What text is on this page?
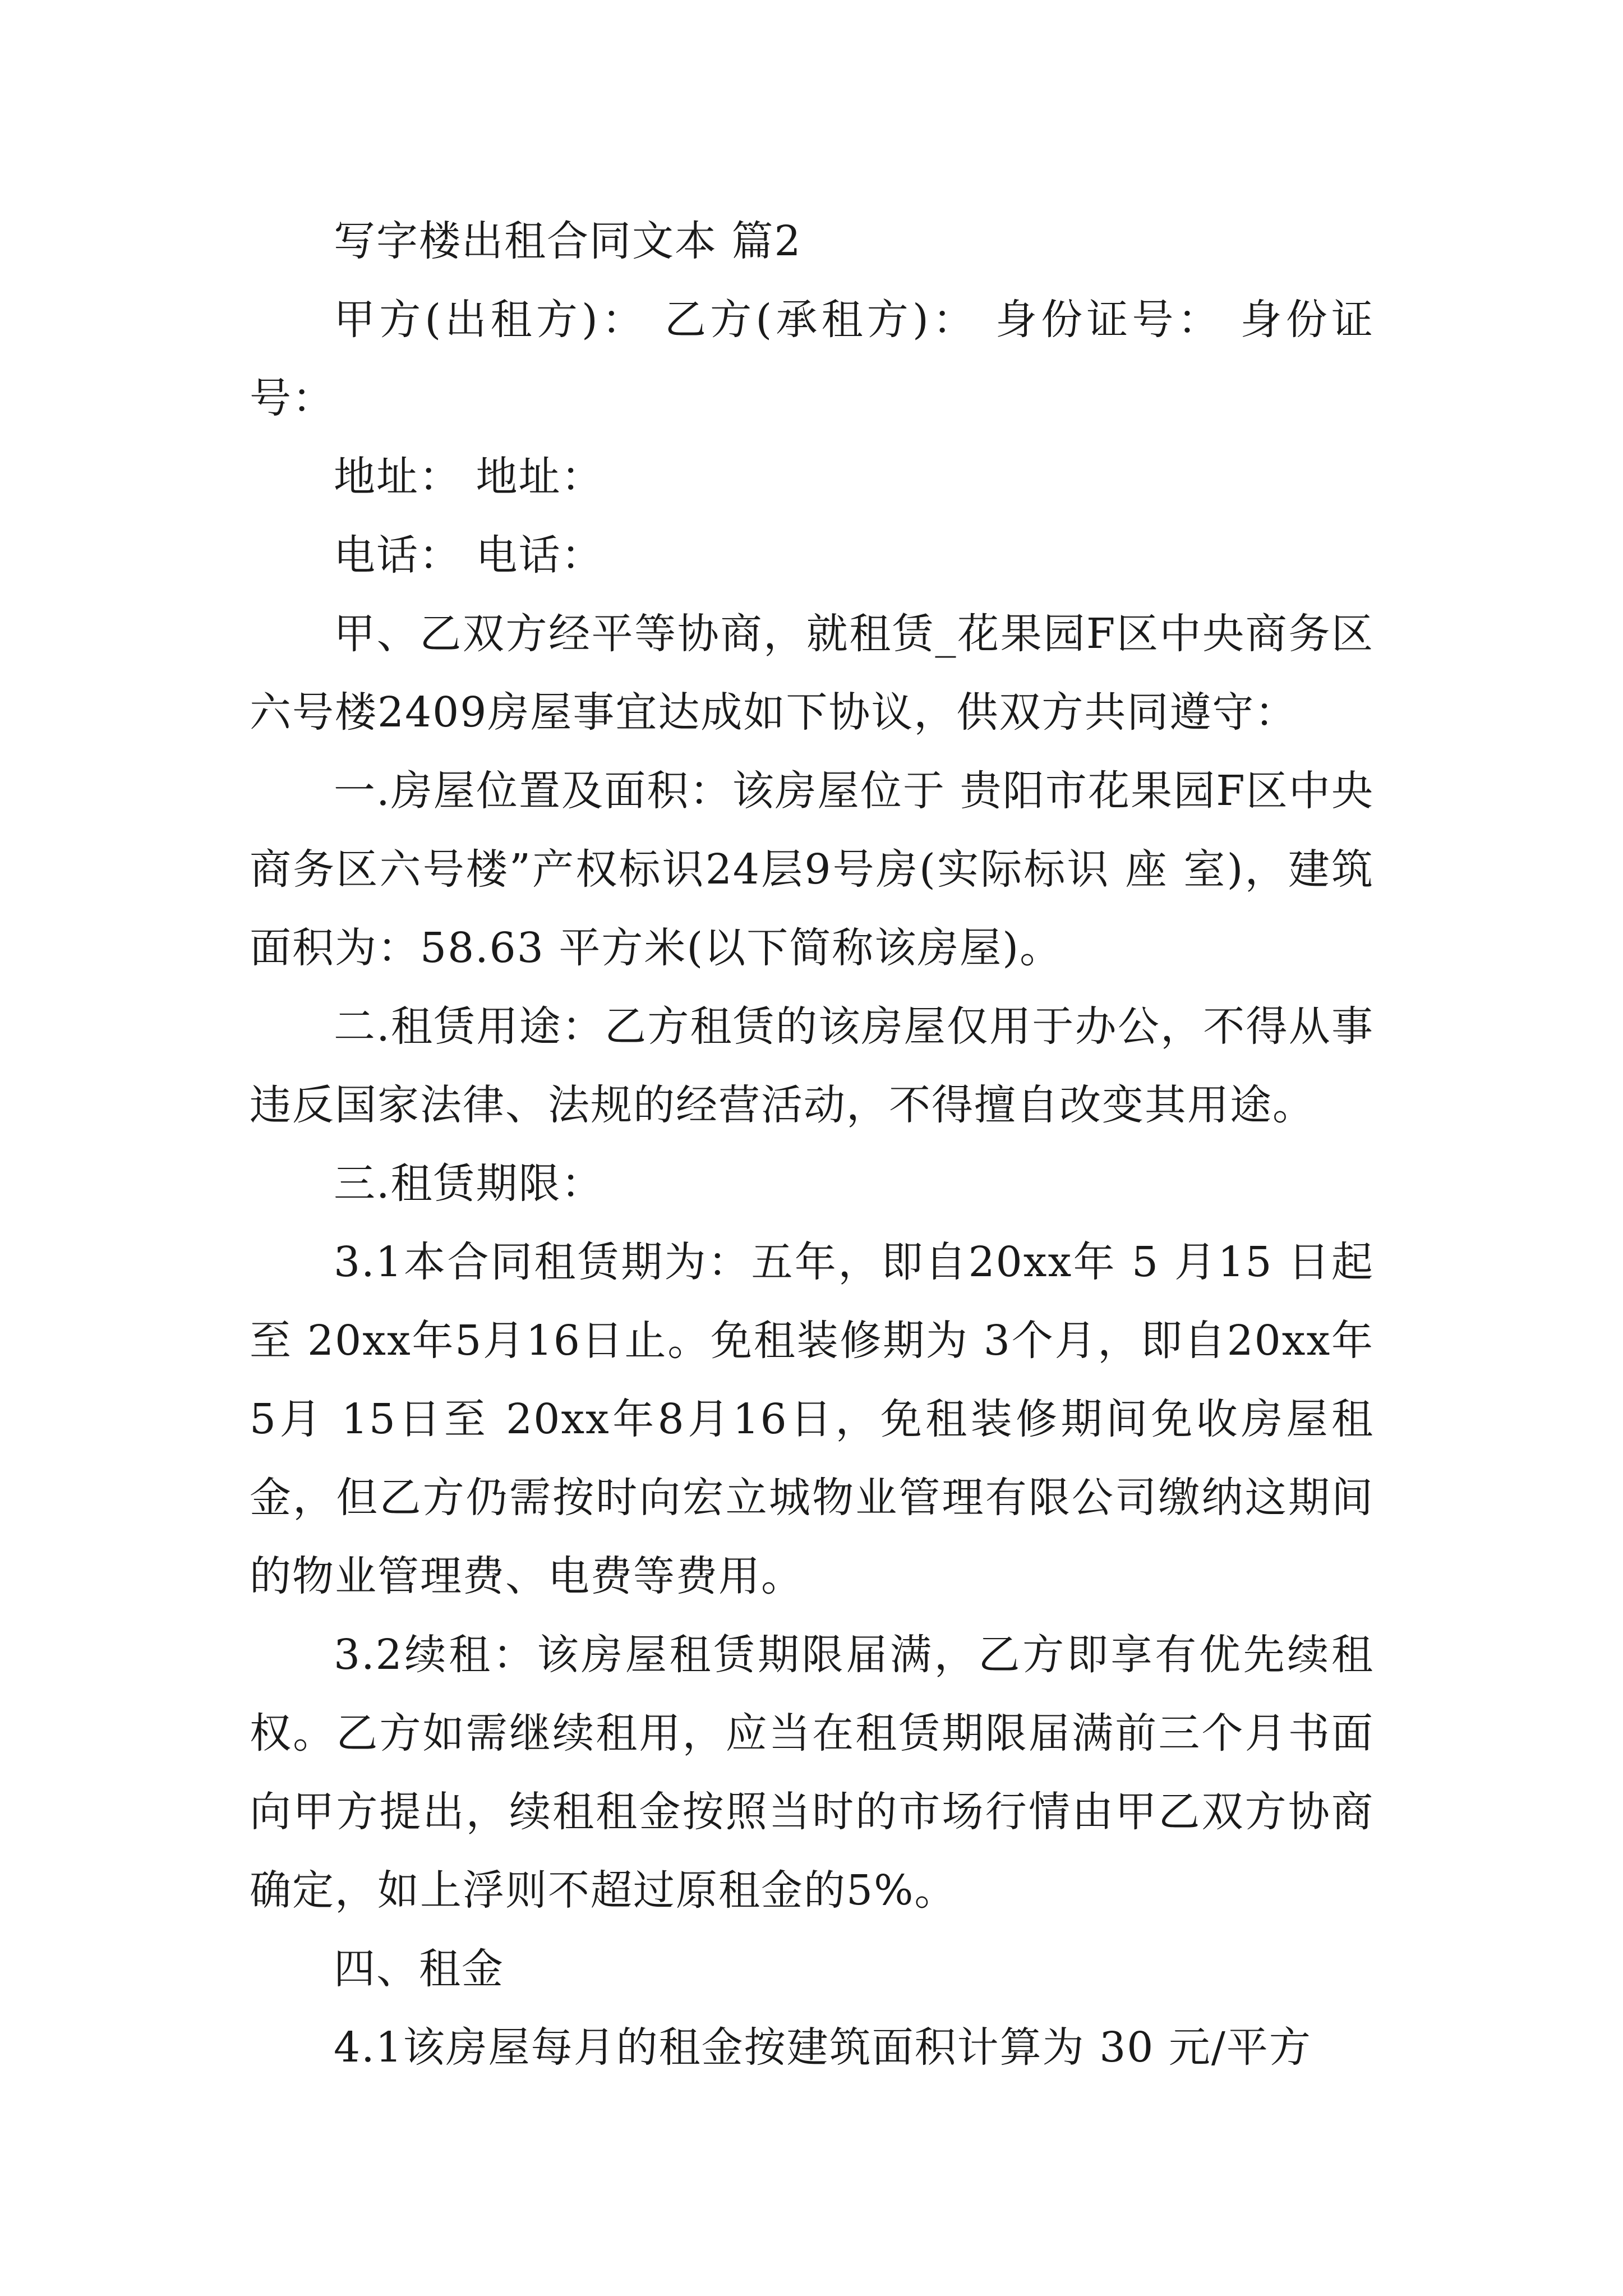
写字楼出租合同文本 篇2

甲方(出租方)： 乙方(承租方)： 身份证号： 身份证号：

地址： 地址：

电话： 电话：

甲、乙双方经平等协商，就租赁_花果园F区中央商务区六号楼2409房屋事宜达成如下协议，供双方共同遵守：

一.房屋位置及面积：该房屋位于 贵阳市花果园F区中央商务区六号楼”产权标识24层9号房(实际标识 座 室)，建筑面积为：58.63 平方米(以下简称该房屋)。

二.租赁用途：乙方租赁的该房屋仅用于办公，不得从事违反国家法律、法规的经营活动，不得擅自改变其用途。

三.租赁期限：

3.1本合同租赁期为：五年，即自20xx年 5 月15 日起至 20xx年5月16日止。免租装修期为 3个月，即自20xx年5月 15日至 20xx年8月16日，免租装修期间免收房屋租金，但乙方仍需按时向宏立城物业管理有限公司缴纳这期间的物业管理费、电费等费用。

3.2续租：该房屋租赁期限届满，乙方即享有优先续租权。乙方如需继续租用，应当在租赁期限届满前三个月书面向甲方提出，续租租金按照当时的市场行情由甲乙双方协商确定，如上浮则不超过原租金的5%。

四、租金

4.1该房屋每月的租金按建筑面积计算为 30 元/平方
